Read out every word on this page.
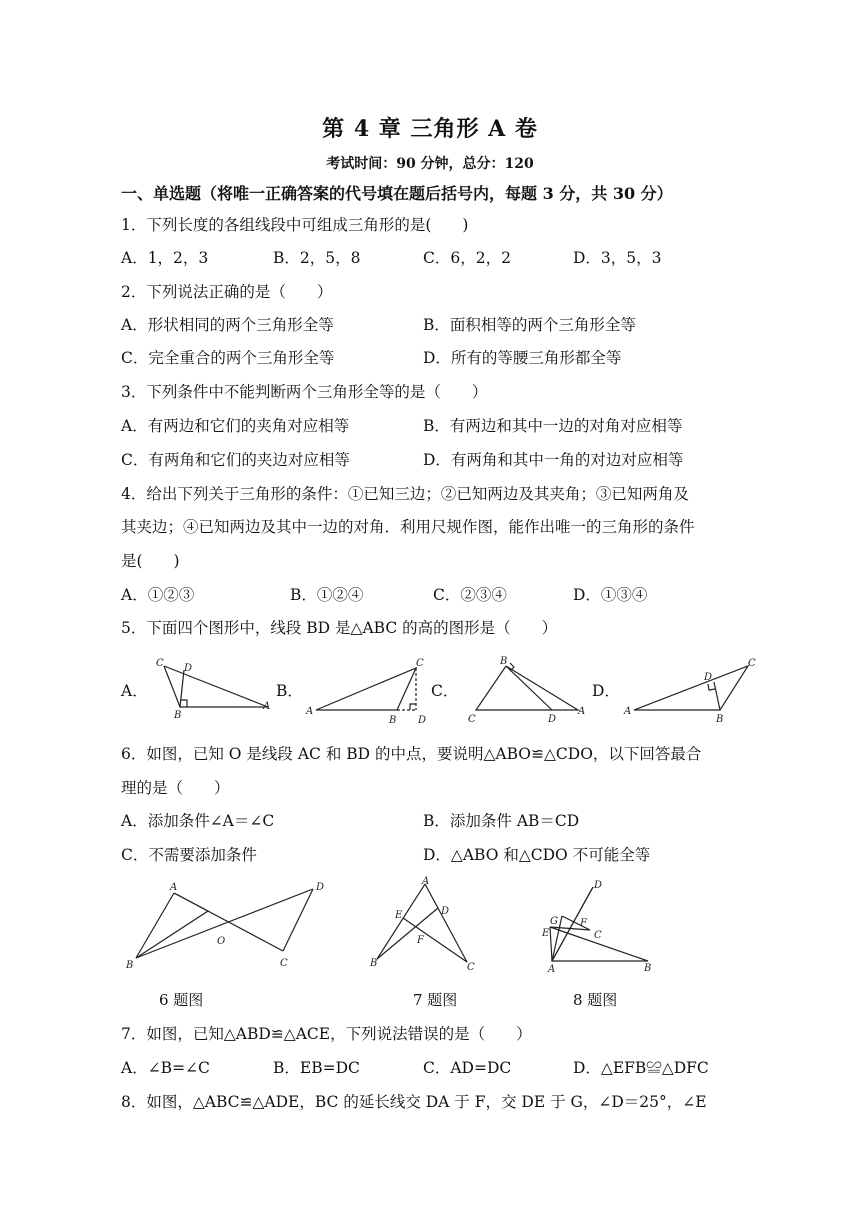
第 4 章 三角形 A 卷
考试时间：90 分钟，总分：120
一、单选题（将唯一正确答案的代号填在题后括号内，每题 3 分，共 30 分）
1．下列长度的各组线段中可组成三角形的是(　　)
A．1，2，3	B．2，5，8	C．6，2，2	D．3，5，3
2．下列说法正确的是（　　）
A．形状相同的两个三角形全等	B．面积相等的两个三角形全等
C．完全重合的两个三角形全等	D．所有的等腰三角形都全等
3．下列条件中不能判断两个三角形全等的是（　　）
A．有两边和它们的夹角对应相等	B．有两边和其中一边的对角对应相等
C．有两角和它们的夹边对应相等	D．有两角和其中一角的对边对应相等
4．给出下列关于三角形的条件：①已知三边；②已知两边及其夹角；③已知两角及
其夹边；④已知两边及其中一边的对角．利用尺规作图，能作出唯一的三角形的条件
是(　　)
A．①②③	B．①②④	C．②③④	D．①③④
5．下面四个图形中，线段 BD 是△ABC 的高的图形是（　　）
A．	B．	C．	D．
C D
B
A
C
A
B D
B
C	D
A
C
D
A
B
6．如图，已知 O 是线段 AC 和 BD 的中点，要说明△ABO≌△CDO，以下回答最合
理的是（　　）
A．添加条件∠A＝∠C	B．添加条件 AB＝CD
C．不需要添加条件	D．△ABO 和△CDO 不可能全等
A	D
O
B	C
A
E	D
F
B	C
D
G
E
F
C
A	B
6 题图	7 题图	8 题图
7．如图，已知△ABD≌△ACE，下列说法错误的是（　　）
A．∠B=∠C	B．EB=DC	C．AD=DC	D．△EFB≌△DFC
8．如图，△ABC≌△ADE，BC 的延长线交 DA 于 F，交 DE 于 G，∠D＝25°，∠E
